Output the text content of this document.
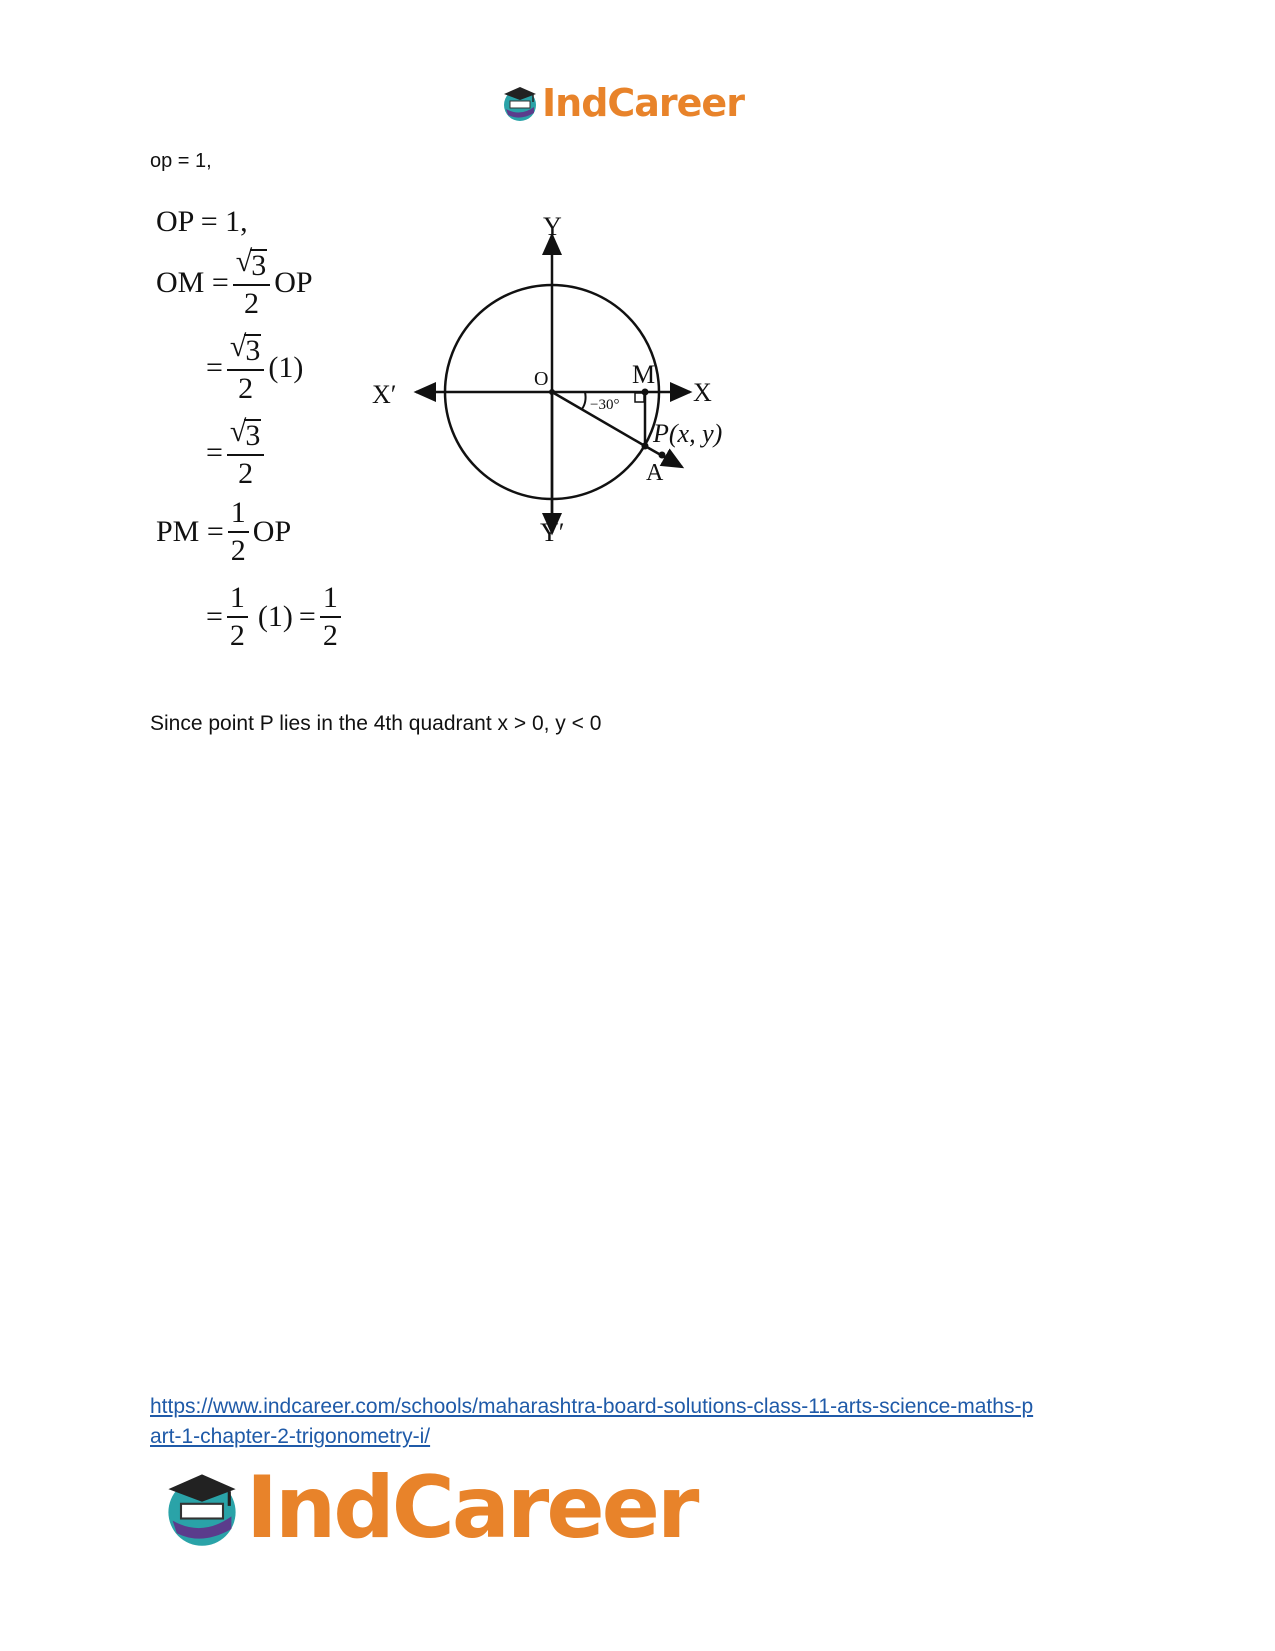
IndCareer
op = 1,
OP = 1,
OM = $\frac{√ 3}{2}$ OP
= $\frac{√ 3}{2} (1)$
= $\frac{√ 3}{2}$
PM = $\frac{1}{2}$ OP
= $\frac{1}{2} (1) = \frac{1}{2}$
Y
Y′
X
X′
O	M
−30°
P(x, y)
A
Since point P lies in the 4th quadrant x > 0, y < 0
https://www.indcareer.com/schools/maharashtra-board-solutions-class-11-arts-science-maths-p
art-1-chapter-2-trigonometry-i/
IndCareer
